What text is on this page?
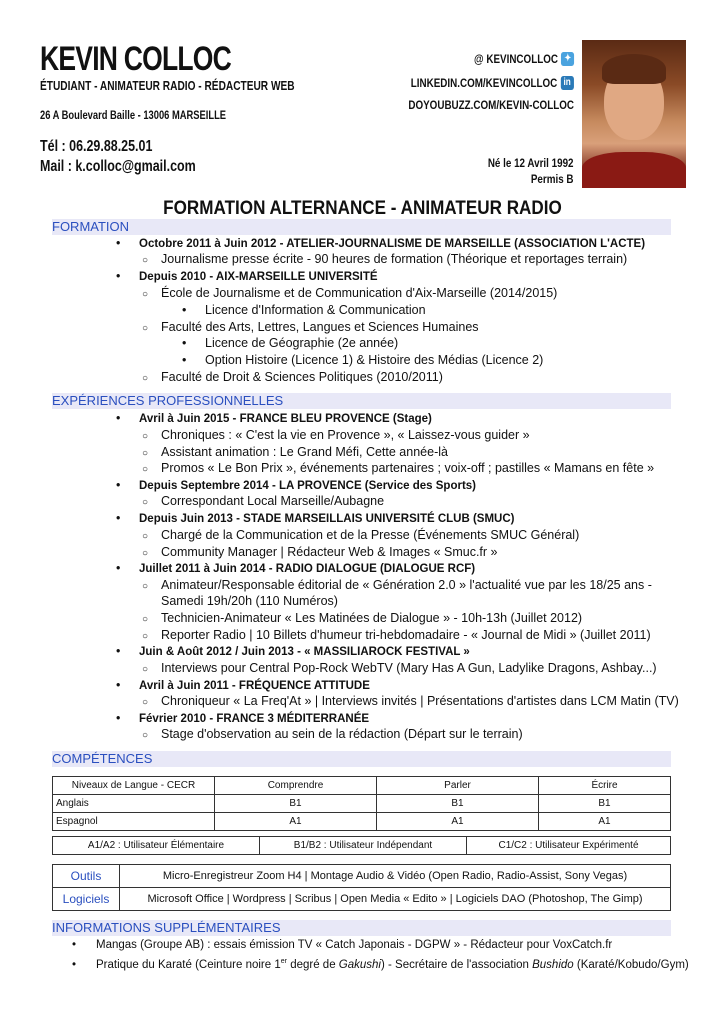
KEVIN COLLOC
ÉTUDIANT - ANIMATEUR RADIO - RÉDACTEUR WEB
26 A Boulevard Baille - 13006 MARSEILLE
Tél : 06.29.88.25.01
Mail : k.colloc@gmail.com
@ KEVINCOLLOC ✦
LINKEDIN.COM/KEVINCOLLOC in
DOYOUBUZZ.COM/KEVIN-COLLOC
Né le 12 Avril 1992
Permis B
FORMATION ALTERNANCE - ANIMATEUR RADIO
FORMATION
• Octobre 2011 à Juin 2012 - ATELIER-JOURNALISME DE MARSEILLE (ASSOCIATION L'ACTE)
○ Journalisme presse écrite - 90 heures de formation (Théorique et reportages terrain)
• Depuis 2010 - AIX-MARSEILLE UNIVERSITÉ
○ École de Journalisme et de Communication d'Aix-Marseille (2014/2015)
• Licence d'Information & Communication
○ Faculté des Arts, Lettres, Langues et Sciences Humaines
• Licence de Géographie (2e année)
• Option Histoire (Licence 1) & Histoire des Médias (Licence 2)
○ Faculté de Droit & Sciences Politiques (2010/2011)
EXPÉRIENCES PROFESSIONNELLES
• Avril à Juin 2015 - FRANCE BLEU PROVENCE (Stage)
○ Chroniques : « C'est la vie en Provence », « Laissez-vous guider »
○ Assistant animation : Le Grand Méfi, Cette année-là
○ Promos « Le Bon Prix », événements partenaires ; voix-off ; pastilles « Mamans en fête »
• Depuis Septembre 2014 - LA PROVENCE (Service des Sports)
○ Correspondant Local Marseille/Aubagne
• Depuis Juin 2013 - STADE MARSEILLAIS UNIVERSITÉ CLUB (SMUC)
○ Chargé de la Communication et de la Presse (Événements SMUC Général)
○ Community Manager | Rédacteur Web & Images « Smuc.fr »
• Juillet 2011 à Juin 2014 - RADIO DIALOGUE (DIALOGUE RCF)
○ Animateur/Responsable éditorial de « Génération 2.0 » l'actualité vue par les 18/25 ans -
Samedi 19h/20h (110 Numéros)
○ Technicien-Animateur « Les Matinées de Dialogue » - 10h-13h (Juillet 2012)
○ Reporter Radio | 10 Billets d'humeur tri-hebdomadaire - « Journal de Midi » (Juillet 2011)
• Juin & Août 2012 / Juin 2013 - « MASSILIAROCK FESTIVAL »
○ Interviews pour Central Pop-Rock WebTV (Mary Has A Gun, Ladylike Dragons, Ashbay...)
• Avril à Juin 2011 - FRÉQUENCE ATTITUDE
○ Chroniqueur « La Freq'At » | Interviews invités | Présentations d'artistes dans LCM Matin (TV)
• Février 2010 - FRANCE 3 MÉDITERRANÉE
○ Stage d'observation au sein de la rédaction (Départ sur le terrain)
COMPÉTENCES
Niveaux de Langue - CECR	Comprendre	Parler	Écrire
Anglais	B1	B1	B1
Espagnol	A1	A1	A1
A1/A2 : Utilisateur Élémentaire	B1/B2 : Utilisateur Indépendant	C1/C2 : Utilisateur Expérimenté
Outils	Micro-Enregistreur Zoom H4 | Montage Audio & Vidéo (Open Radio, Radio-Assist, Sony Vegas)
Logiciels	Microsoft Office | Wordpress | Scribus | Open Media « Edito » | Logiciels DAO (Photoshop, The Gimp)
INFORMATIONS SUPPLÉMENTAIRES
• Mangas (Groupe AB) : essais émission TV « Catch Japonais - DGPW » - Rédacteur pour VoxCatch.fr
• Pratique du Karaté (Ceinture noire 1er degré de Gakushi) - Secrétaire de l'association Bushido (Karaté/Kobudo/Gym)
